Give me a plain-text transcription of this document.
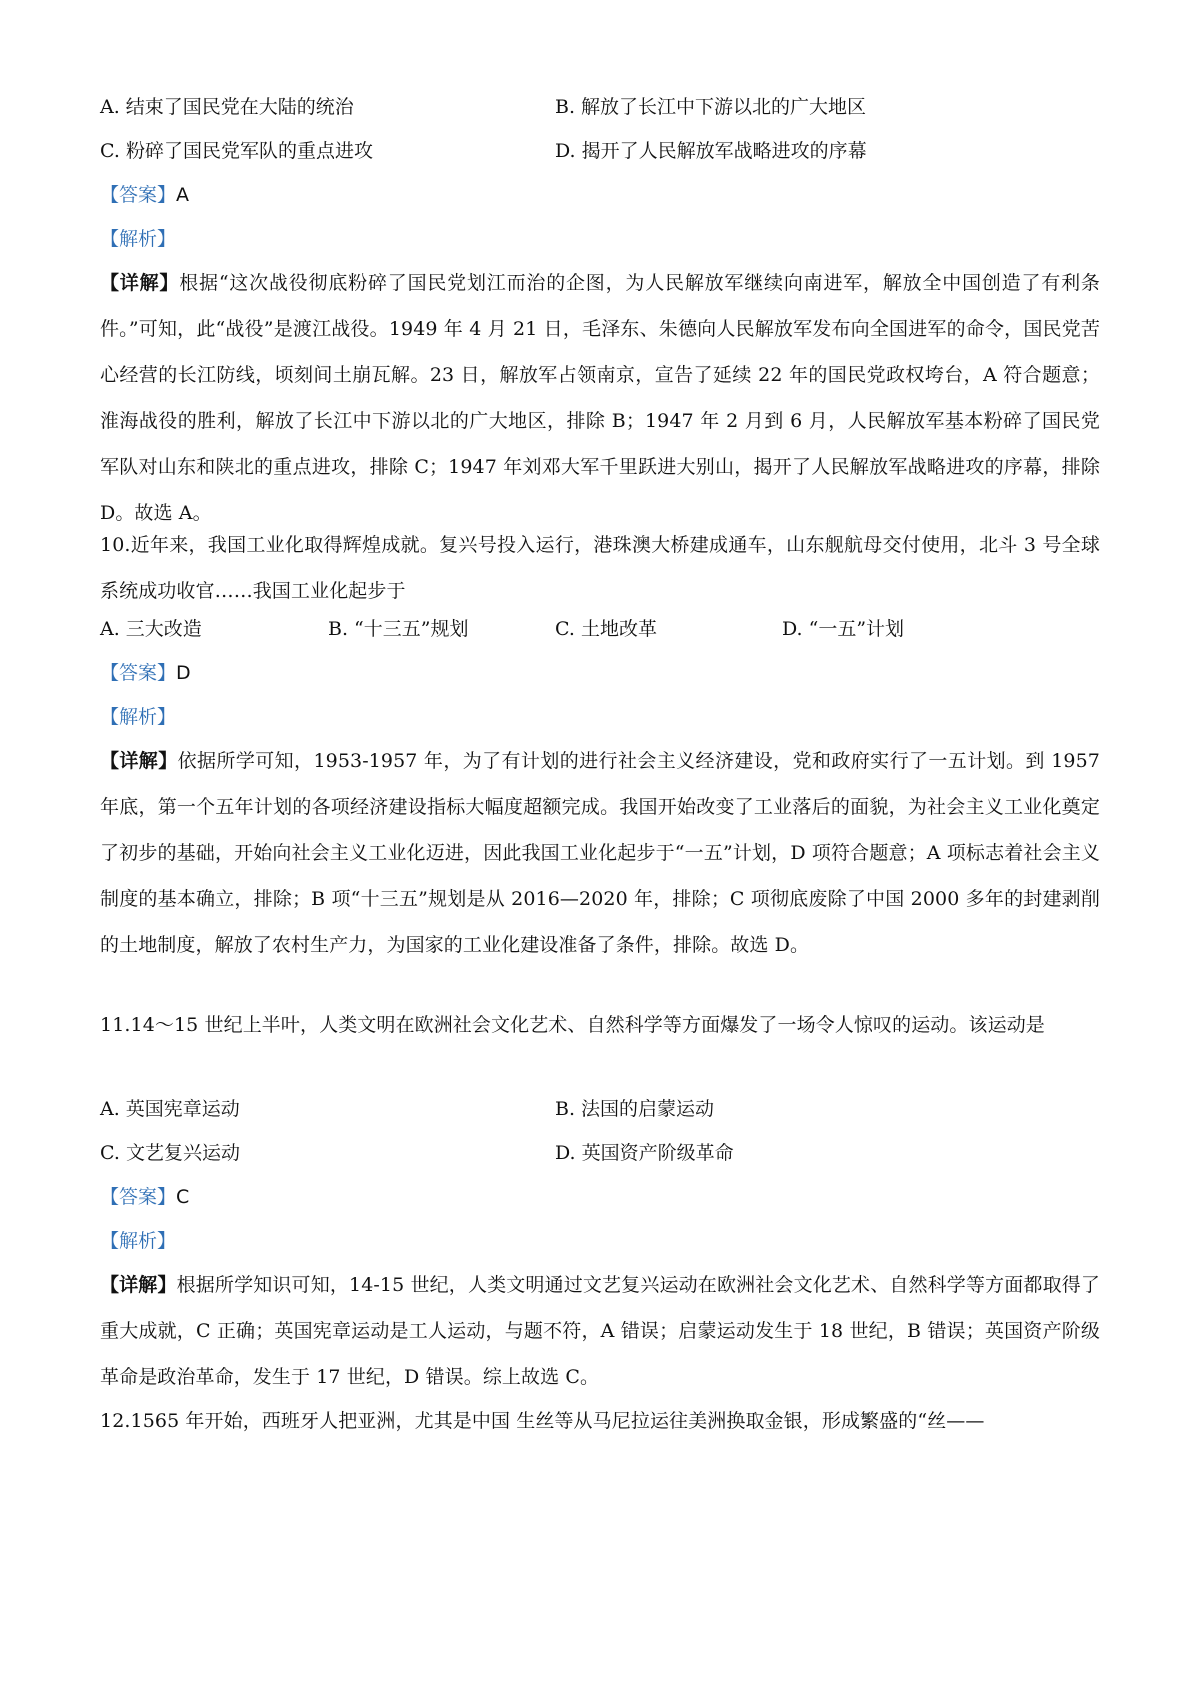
A. 结束了国民党在大陆的统治	B. 解放了长江中下游以北的广大地区
C. 粉碎了国民党军队的重点进攻	D. 揭开了人民解放军战略进攻的序幕
【答案】A
【解析】
【详解】根据“这次战役彻底粉碎了国民党划江而治的企图，为人民解放军继续向南进军，解放全中国创造了有利条件。”可知，此“战役”是渡江战役。1949 年 4 月 21 日，毛泽东、朱德向人民解放军发布向全国进军的命令，国民党苦心经营的长江防线，顷刻间土崩瓦解。23 日，解放军占领南京，宣告了延续 22 年的国民党政权垮台，A 符合题意；淮海战役的胜利，解放了长江中下游以北的广大地区，排除 B；1947 年 2 月到 6 月，人民解放军基本粉碎了国民党军队对山东和陕北的重点进攻，排除 C；1947 年刘邓大军千里跃进大别山，揭开了人民解放军战略进攻的序幕，排除 D。故选 A。
10.近年来，我国工业化取得辉煌成就。复兴号投入运行，港珠澳大桥建成通车，山东舰航母交付使用，北斗 3 号全球系统成功收官……我国工业化起步于
A. 三大改造	B. “十三五”规划	C. 土地改革	D. “一五”计划
【答案】D
【解析】
【详解】依据所学可知，1953-1957 年，为了有计划的进行社会主义经济建设，党和政府实行了一五计划。到 1957 年底，第一个五年计划的各项经济建设指标大幅度超额完成。我国开始改变了工业落后的面貌，为社会主义工业化奠定了初步的基础，开始向社会主义工业化迈进，因此我国工业化起步于“一五”计划，D 项符合题意；A 项标志着社会主义制度的基本确立，排除；B 项“十三五”规划是从 2016—2020 年，排除；C 项彻底废除了中国 2000 多年的封建剥削的土地制度，解放了农村生产力，为国家的工业化建设准备了条件，排除。故选 D。
11.14～15 世纪上半叶，人类文明在欧洲社会文化艺术、自然科学等方面爆发了一场令人惊叹的运动。该运动是
A. 英国宪章运动	B. 法国的启蒙运动
C. 文艺复兴运动	D. 英国资产阶级革命
【答案】C
【解析】
【详解】根据所学知识可知，14-15 世纪，人类文明通过文艺复兴运动在欧洲社会文化艺术、自然科学等方面都取得了重大成就，C 正确；英国宪章运动是工人运动，与题不符，A 错误；启蒙运动发生于 18 世纪，B 错误；英国资产阶级革命是政治革命，发生于 17 世纪，D 错误。综上故选 C。
12.1565 年开始，西班牙人把亚洲，尤其是中国 生丝等从马尼拉运往美洲换取金银，形成繁盛的“丝——
